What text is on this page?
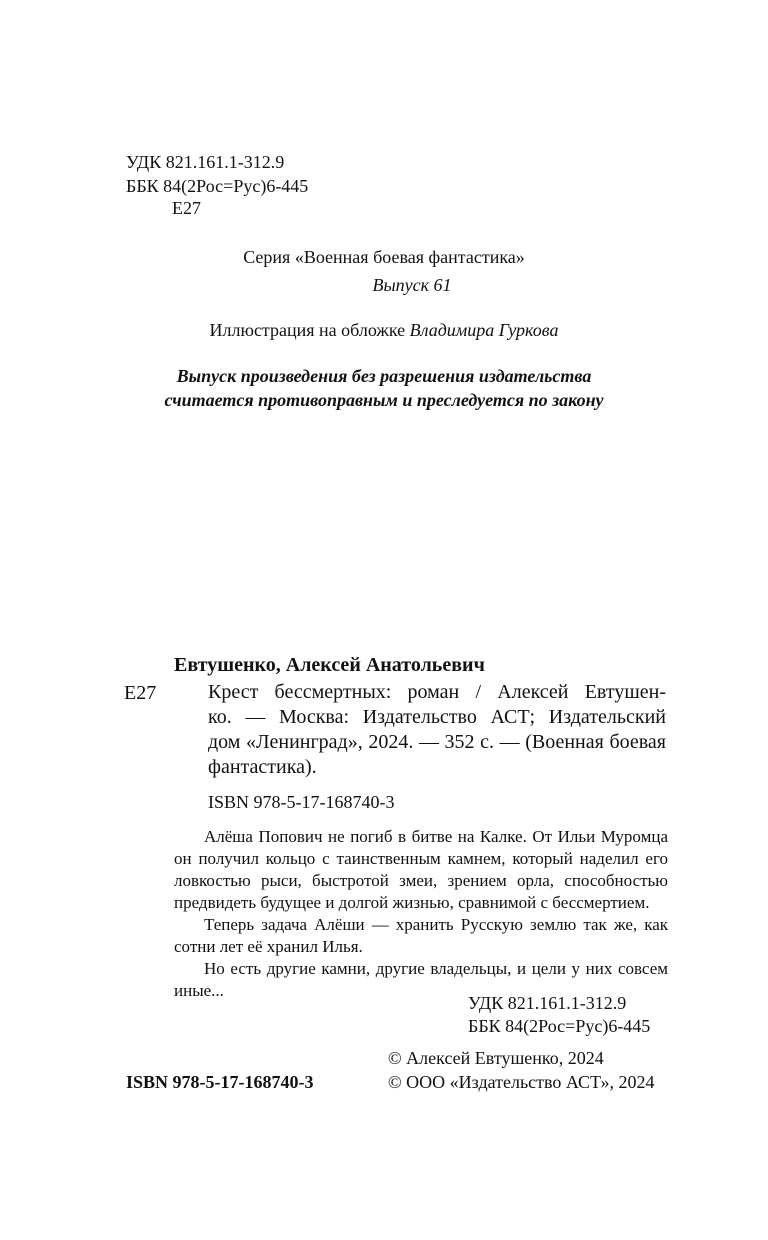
УДК 821.161.1-312.9
ББК 84(2Рос=Рус)6-445
Е27
Серия «Военная боевая фантастика»
Выпуск 61
Иллюстрация на обложке Владимира Гуркова
Выпуск произведения без разрешения издательства
считается противоправным и преследуется по закону
Евтушенко, Алексей Анатольевич
Е27	Крест бессмертных: роман / Алексей Евтушен-
ко. — Москва: Издательство АСТ; Издательский
дом «Ленинград», 2024. — 352 с. — (Военная боевая
фантастика).
ISBN 978-5-17-168740-3
Алёша Попович не погиб в битве на Калке. От Ильи Муромца
он получил кольцо с таинственным камнем, который наделил его
ловкостью рыси, быстротой змеи, зрением орла, способностью
предвидеть будущее и долгой жизнью, сравнимой с бессмертием.
Теперь задача Алёши — хранить Русскую землю так же, как
сотни лет её хранил Илья.
Но есть другие камни, другие владельцы, и цели у них совсем
иные...
УДК 821.161.1-312.9
ББК 84(2Рос=Рус)6-445
© Алексей Евтушенко, 2024
© ООО «Издательство АСТ», 2024
ISBN 978-5-17-168740-3
